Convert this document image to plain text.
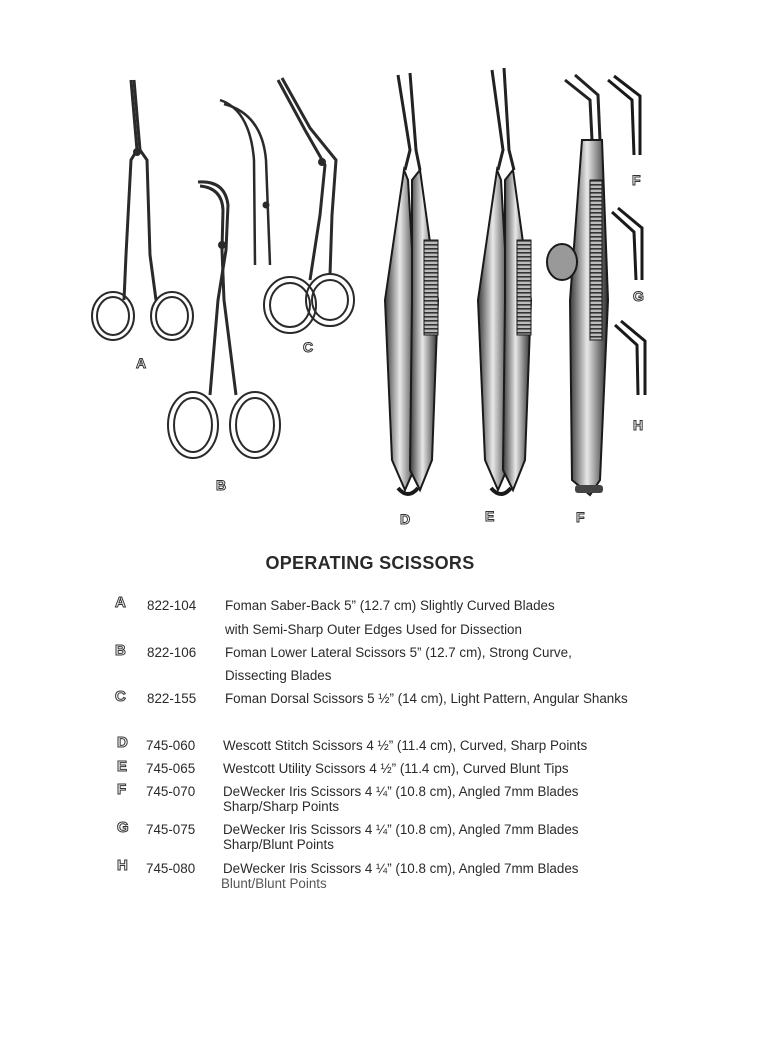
A
B
C
D	E	F
F
G
H
OPERATING SCISSORS
A 822-104 Foman Saber-Back 5” (12.7 cm) Slightly Curved Blades
with Semi-Sharp Outer Edges Used for Dissection
B 822-106 Foman Lower Lateral Scissors 5” (12.7 cm), Strong Curve,
Dissecting Blades
C 822-155 Foman Dorsal Scissors 5 ½” (14 cm), Light Pattern, Angular Shanks
D 745-060 Wescott Stitch Scissors 4 ½” (11.4 cm), Curved, Sharp Points
E 745-065 Westcott Utility Scissors 4 ½” (11.4 cm), Curved Blunt Tips
F 745-070 DeWecker Iris Scissors 4 ¼” (10.8 cm), Angled 7mm Blades
Sharp/Sharp Points
G 745-075 DeWecker Iris Scissors 4 ¼” (10.8 cm), Angled 7mm Blades
Sharp/Blunt Points
H 745-080 DeWecker Iris Scissors 4 ¼” (10.8 cm), Angled 7mm Blades
Blunt/Blunt Points
